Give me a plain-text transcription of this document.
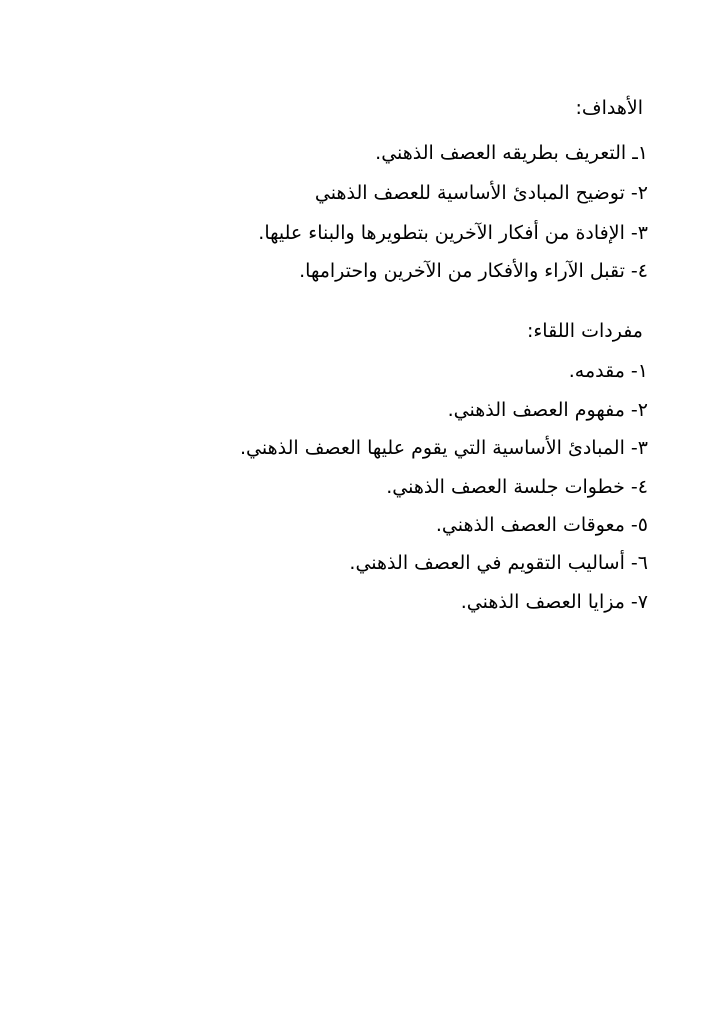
الأهداف:
١ـ التعريف بطريقه العصف الذهني.
٢- توضيح المبادئ الأساسية للعصف الذهني
٣- الإفادة من أفكار الآخرين بتطويرها والبناء عليها.
٤- تقبل الآراء والأفكار من الآخرين واحترامها.
مفردات اللقاء:
١- مقدمه.
٢- مفهوم العصف الذهني.
٣- المبادئ الأساسية التي يقوم عليها العصف الذهني.
٤- خطوات جلسة العصف الذهني.
٥- معوقات العصف الذهني.
٦- أساليب التقويم في العصف الذهني.
٧- مزايا العصف الذهني.
